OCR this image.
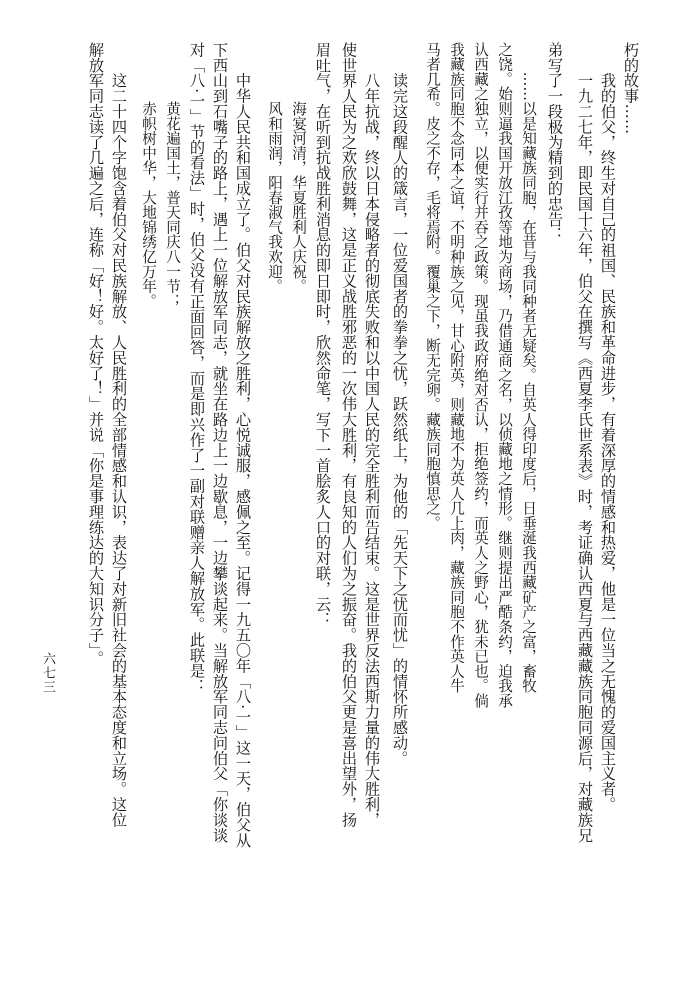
朽的故事……
　　我的伯父，终生对自己的祖国、民族和革命进步，有着深厚的情感和热爱，他是一位当之无愧的爱国主义者。
　　一九二七年，即民国十六年，伯父在撰写《西夏李氏世系表》时，考证确认西夏与西藏藏族同胞同源后，对藏族兄
弟写了一段极为精到的忠告：
　　……以是知藏族同胞，在昔与我同种者无疑矣。自英人得印度后，日垂涎我西藏矿产之富，畜牧
之饶。始则逼我国开放江孜等地为商场，乃借通商之名，以侦藏地之情形。继则提出严酷条约，迫我承
认西藏之独立，以便实行并吞之政策。现虽我政府绝对否认，拒绝签约，而英人之野心，犹未已也。倘
我藏族同胞不念同本之谊，不明种族之见，甘心附英，则藏地不为英人几上肉，藏族同胞不作英人牛
马者几希。皮之不存，毛将焉附。覆巢之下，断无完卵。藏族同胞慎思之。
　　读完这段醒人的箴言，一位爱国者的拳拳之忧，跃然纸上，为他的「先天下之忧而忧」的情怀所感动。
　　八年抗战，终以日本侵略者的彻底失败和以中国人民的完全胜利而告结束。这是世界反法西斯力量的伟大胜利，
使世界人民为之欢欣鼓舞，这是正义战胜邪恶的一次伟大胜利，有良知的人们为之振奋。我的伯父更是喜出望外，扬
眉吐气，在听到抗战胜利消息的即日即时，欣然命笔，写下一首脍炙人口的对联，云：
　　　　海宴河清，华夏胜利人庆祝。
　　　　风和雨润，阳春淑气我欢迎。
　　中华人民共和国成立了。伯父对民族解放之胜利，心悦诚服，感佩之至。记得一九五〇年「八·一」这一天，伯父从
下西山到石嘴子的路上，遇上一位解放军同志，就坐在路边上一边歇息，一边攀谈起来。当解放军同志问伯父「你谈谈
对「八·一」节的看法」时，伯父没有正面回答，而是即兴作了一副对联赠亲人解放军。此联是：
　　　　黄花遍国土，普天同庆八一节；
　　　　赤帜树中华，大地锦绣亿万年。
　　这二十四个字饱含着伯父对民族解放、人民胜利的全部情感和认识，表达了对新旧社会的基本态度和立场。这位
解放军同志读了几遍之后，连称「好！好。太好了！」并说「你是事理练达的大知识分子」。
六七三
